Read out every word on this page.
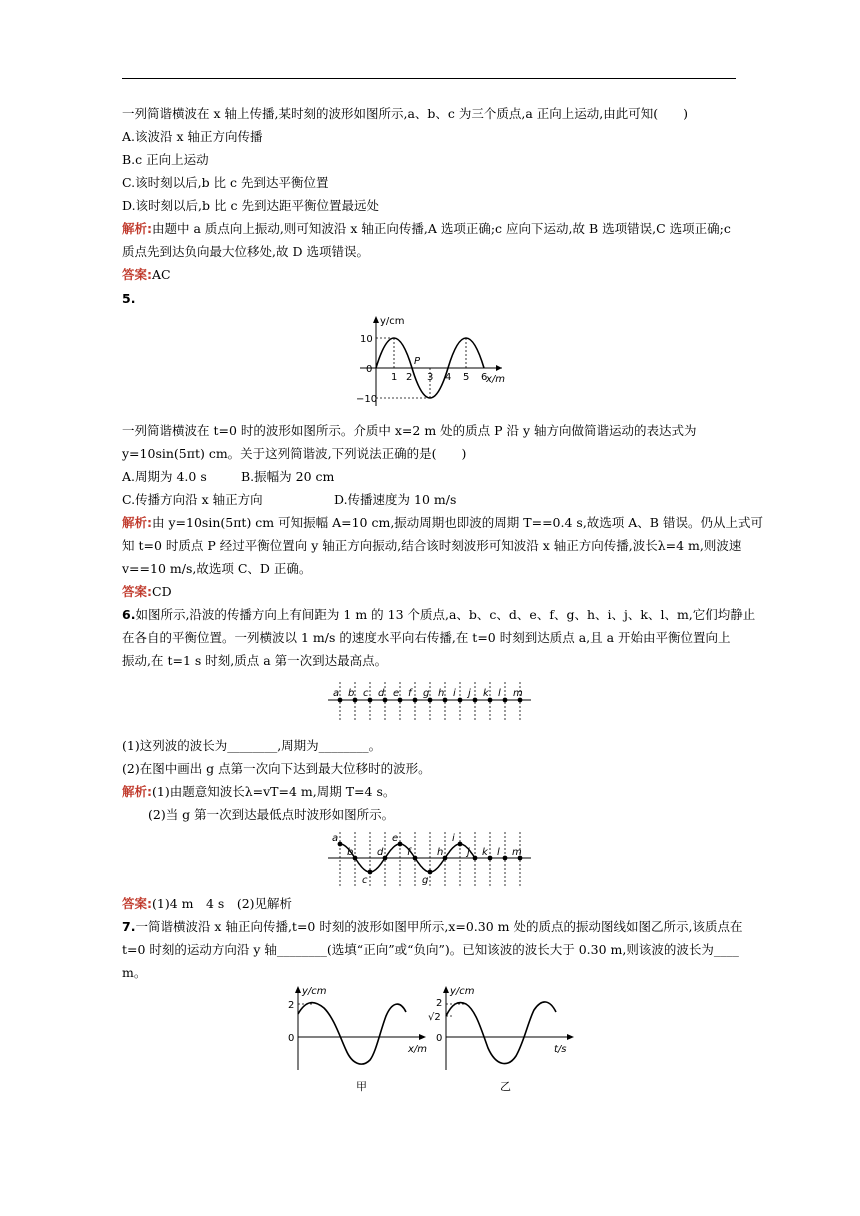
一列简谐横波在 x 轴上传播,某时刻的波形如图所示,a、b、c 为三个质点,a 正向上运动,由此可知(　　)
A.该波沿 x 轴正方向传播
B.c 正向上运动
C.该时刻以后,b 比 c 先到达平衡位置
D.该时刻以后,b 比 c 先到达距平衡位置最远处
解析:由题中 a 质点向上振动,则可知波沿 x 轴正向传播,A 选项正确;c 应向下运动,故 B 选项错误,C 选项正确;c
质点先到达负向最大位移处,故 D 选项错误。
答案:AC
5.
y/cm
x/m
10
0
−10
1 2 3 4 5 6
P
一列简谐横波在 t=0 时的波形如图所示。介质中 x=2 m 处的质点 P 沿 y 轴方向做简谐运动的表达式为
y=10sin(5πt) cm。关于这列简谐波,下列说法正确的是(　　)
A.周期为 4.0 s	B.振幅为 20 cm
C.传播方向沿 x 轴正方向	D.传播速度为 10 m/s
解析:由 y=10sin(5πt) cm 可知振幅 A=10 cm,振动周期也即波的周期 T==0.4 s,故选项 A、B 错误。仍从上式可
知 t=0 时质点 P 经过平衡位置向 y 轴正方向振动,结合该时刻波形可知波沿 x 轴正方向传播,波长λ=4 m,则波速
v==10 m/s,故选项 C、D 正确。
答案:CD
6.如图所示,沿波的传播方向上有间距为 1 m 的 13 个质点,a、b、c、d、e、f、g、h、i、j、k、l、m,它们均静止
在各自的平衡位置。一列横波以 1 m/s 的速度水平向右传播,在 t=0 时刻到达质点 a,且 a 开始由平衡位置向上
振动,在 t=1 s 时刻,质点 a 第一次到达最高点。
a b c d e f g h i j k l m
(1)这列波的波长为________,周期为________。
(2)在图中画出 g 点第一次向下达到最大位移时的波形。
解析:(1)由题意知波长λ=vT=4 m,周期 T=4 s。
(2)当 g 第一次到达最低点时波形如图所示。
a
b
c
d
e
f
g
h
i
j k l m
答案:(1)4 m　4 s　(2)见解析
7.一简谐横波沿 x 轴正向传播,t=0 时刻的波形如图甲所示,x=0.30 m 处的质点的振动图线如图乙所示,该质点在
t=0 时刻的运动方向沿 y 轴________(选填“正向”或“负向”)。已知该波的波长大于 0.30 m,则该波的波长为____
m。
y/cm
2
0
x/m
甲
y/cm
2
√2
0
t/s
乙
